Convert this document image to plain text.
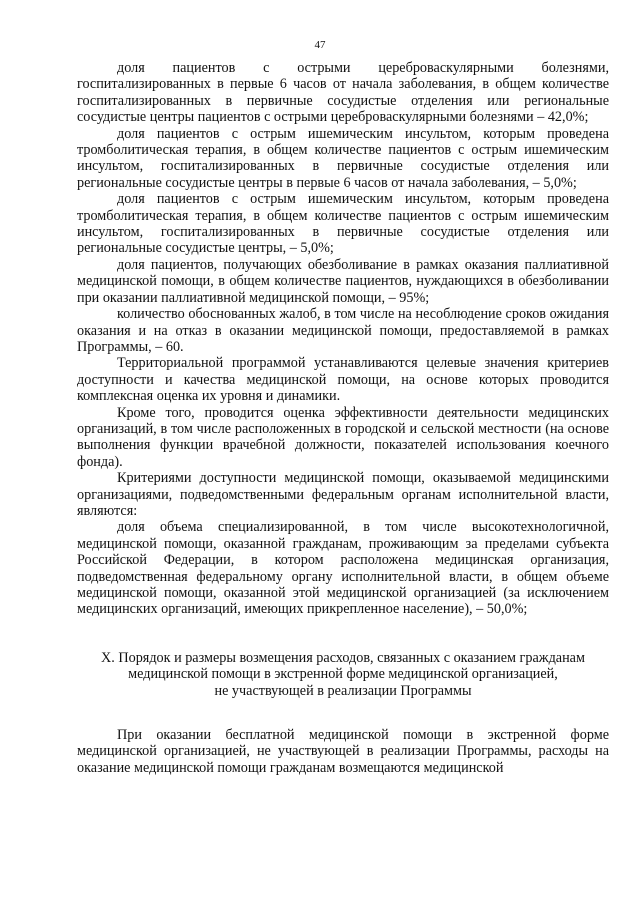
47

доля пациентов с острыми цереброваскулярными болезнями, госпитализированных в первые 6 часов от начала заболевания, в общем количестве госпитализированных в первичные сосудистые отделения или региональные сосудистые центры пациентов с острыми цереброваскулярными болезнями – 42,0%;

доля пациентов с острым ишемическим инсультом, которым проведена тромболитическая терапия, в общем количестве пациентов с острым ишемическим инсультом, госпитализированных в первичные сосудистые отделения или региональные сосудистые центры в первые 6 часов от начала заболевания, – 5,0%;

доля пациентов с острым ишемическим инсультом, которым проведена тромболитическая терапия, в общем количестве пациентов с острым ишемическим инсультом, госпитализированных в первичные сосудистые отделения или региональные сосудистые центры, – 5,0%;

доля пациентов, получающих обезболивание в рамках оказания паллиативной медицинской помощи, в общем количестве пациентов, нуждающихся в обезболивании при оказании паллиативной медицинской помощи, – 95%;

количество обоснованных жалоб, в том числе на несоблюдение сроков ожидания оказания и на отказ в оказании медицинской помощи, предоставляемой в рамках Программы, – 60.

Территориальной программой устанавливаются целевые значения критериев доступности и качества медицинской помощи, на основе которых проводится комплексная оценка их уровня и динамики.

Кроме того, проводится оценка эффективности деятельности медицинских организаций, в том числе расположенных в городской и сельской местности (на основе выполнения функции врачебной должности, показателей использования коечного фонда).

Критериями доступности медицинской помощи, оказываемой медицинскими организациями, подведомственными федеральным органам исполнительной власти, являются:

доля объема специализированной, в том числе высокотехнологичной, медицинской помощи, оказанной гражданам, проживающим за пределами субъекта Российской Федерации, в котором расположена медицинская организация, подведомственная федеральному органу исполнительной власти, в общем объеме медицинской помощи, оказанной этой медицинской организацией (за исключением медицинских организаций, имеющих прикрепленное население), – 50,0%;

X. Порядок и размеры возмещения расходов, связанных с оказанием гражданам
медицинской помощи в экстренной форме медицинской организацией,
не участвующей в реализации Программы

При оказании бесплатной медицинской помощи в экстренной форме медицинской организацией, не участвующей в реализации Программы, расходы на оказание медицинской помощи гражданам возмещаются медицинской
